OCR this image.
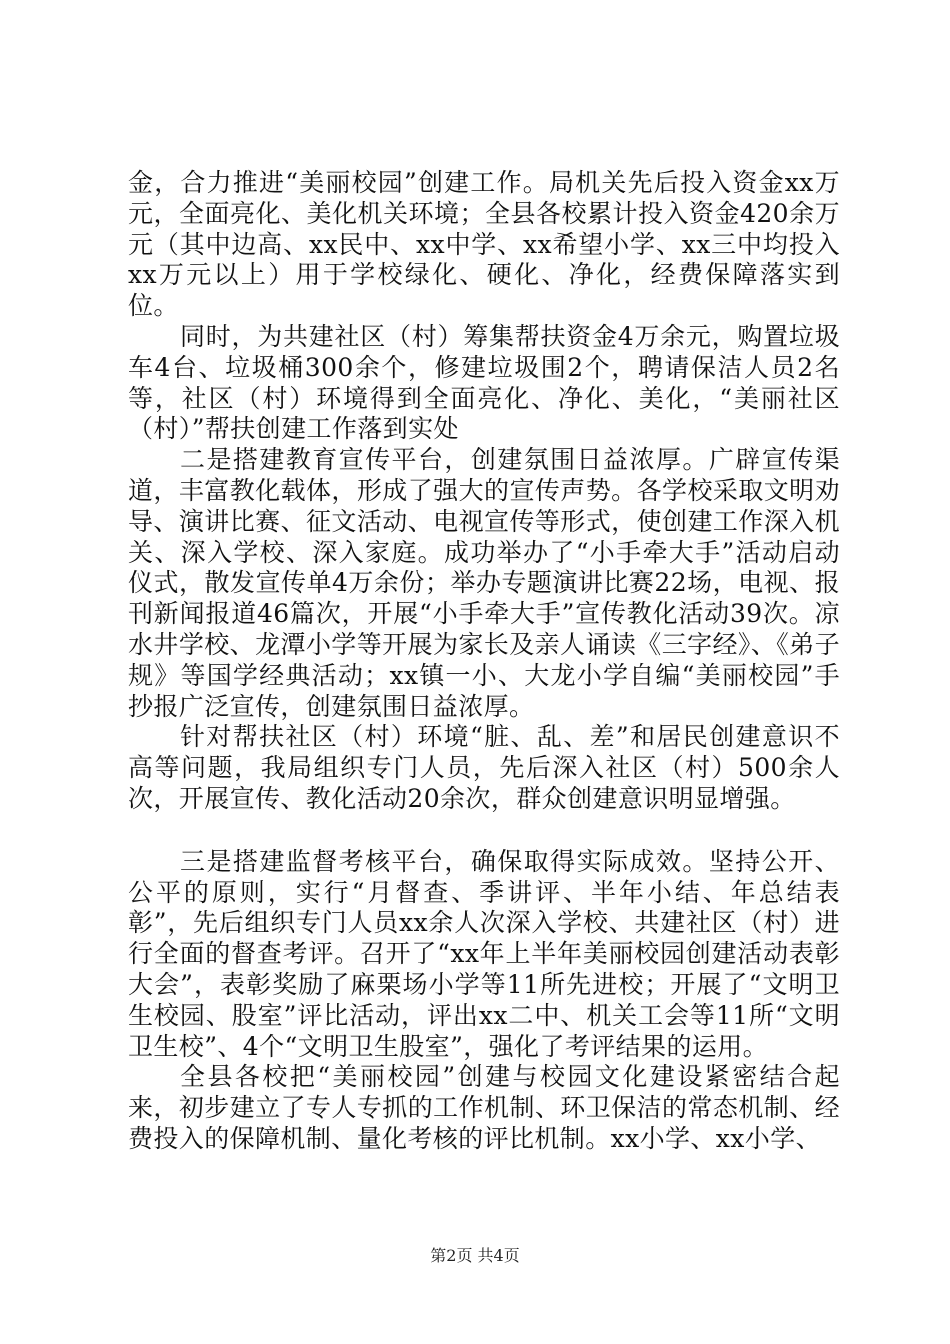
金，合力推进“美丽校园”创建工作。局机关先后投入资金xx万元，全面亮化、美化机关环境；全县各校累计投入资金420余万元（其中边高、xx民中、xx中学、xx希望小学、xx三中均投入xx万元以上）用于学校绿化、硬化、净化，经费保障落实到位。

同时，为共建社区（村）筹集帮扶资金4万余元，购置垃圾车4台、垃圾桶300余个，修建垃圾围2个，聘请保洁人员2名等，社区（村）环境得到全面亮化、净化、美化，“美丽社区（村）”帮扶创建工作落到实处

二是搭建教育宣传平台，创建氛围日益浓厚。广辟宣传渠道，丰富教化载体，形成了强大的宣传声势。各学校采取文明劝导、演讲比赛、征文活动、电视宣传等形式，使创建工作深入机关、深入学校、深入家庭。成功举办了“小手牵大手”活动启动仪式，散发宣传单4万余份；举办专题演讲比赛22场，电视、报刊新闻报道46篇次，开展“小手牵大手”宣传教化活动39次。凉水井学校、龙潭小学等开展为家长及亲人诵读《三字经》、《弟子规》等国学经典活动；xx镇一小、大龙小学自编“美丽校园”手抄报广泛宣传，创建氛围日益浓厚。

针对帮扶社区（村）环境“脏、乱、差”和居民创建意识不高等问题，我局组织专门人员，先后深入社区（村）500余人次，开展宣传、教化活动20余次，群众创建意识明显增强。

三是搭建监督考核平台，确保取得实际成效。坚持公开、公平的原则，实行“月督查、季讲评、半年小结、年总结表彰”，先后组织专门人员xx余人次深入学校、共建社区（村）进行全面的督查考评。召开了“xx年上半年美丽校园创建活动表彰大会”，表彰奖励了麻栗场小学等11所先进校；开展了“文明卫生校园、股室”评比活动，评出xx二中、机关工会等11所“文明卫生校”、4个“文明卫生股室”，强化了考评结果的运用。

全县各校把“美丽校园”创建与校园文化建设紧密结合起来，初步建立了专人专抓的工作机制、环卫保洁的常态机制、经费投入的保障机制、量化考核的评比机制。xx小学、xx小学、

第2页 共4页
